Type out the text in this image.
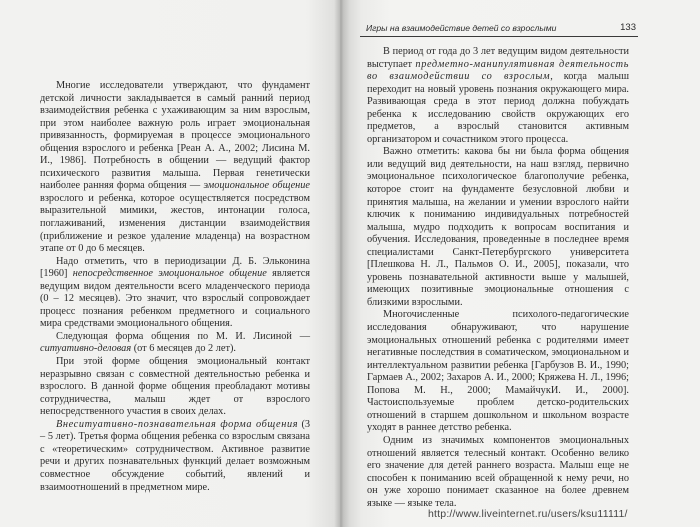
Игры на взаимодействие детей со взрослыми	133

Многие исследователи утверждают, что фундамент детской личности закладывается в самый ранний период взаимодействия ребенка с ухаживающим за ним взрослым, при этом наиболее важную роль играет эмоциональная привязанность, формируемая в процессе эмоционального общения взрослого и ребенка [Реан А. А., 2002; Лисина М. И., 1986]. Потребность в общении — ведущий фактор психического развития малыша. Первая генетически наиболее ранняя форма общения — эмоциональное общение взрослого и ребенка, которое осуществляется посредством выразительной мимики, жестов, интонации голоса, поглаживаний, изменения дистанции взаимодействия (приближение и резкое удаление младенца) на возрастном этапе от 0 до 6 месяцев.

Надо отметить, что в периодизации Д. Б. Эльконина [1960] непосредственное эмоциональное общение является ведущим видом деятельности всего младенческого периода (0 – 12 месяцев). Это значит, что взрослый сопровождает процесс познания ребенком предметного и социального мира средствами эмоционального общения.

Следующая форма общения по М. И. Лисиной — ситуативно-деловая (от 6 месяцев до 2 лет).

При этой форме общения эмоциональный контакт неразрывно связан с совместной деятельностью ребенка и взрослого. В данной форме общения преобладают мотивы сотрудничества, малыш ждет от взрослого непосредственного участия в своих делах.

Внеситуативно-познавательная форма общения (3 – 5 лет). Третья форма общения ребенка со взрослым связана с «теоретическим» сотрудничеством. Активное развитие речи и других познавательных функций делает возможным совместное обсуждение событий, явлений и взаимоотношений в предметном мире.

В период от года до 3 лет ведущим видом деятельности выступает предметно-манипулятивная деятельность во взаимодействии со взрослым, когда малыш переходит на новый уровень познания окружающего мира. Развивающая среда в этот период должна побуждать ребенка к исследованию свойств окружающих его предметов, а взрослый становится активным организатором и сочастником этого процесса.

Важно отметить: какова бы ни была форма общения или ведущий вид деятельности, на наш взгляд, первично эмоциональное психологическое благополучие ребенка, которое стоит на фундаменте безусловной любви и принятия малыша, на желании и умении взрослого найти ключик к пониманию индивидуальных потребностей малыша, мудро подходить к вопросам воспитания и обучения. Исследования, проведенные в последнее время специалистами Санкт-Петербургского университета [Плешкова Н. Л., Пальмов О. И., 2005], показали, что уровень познавательной активности выше у малышей, имеющих позитивные эмоциональные отношения с близкими взрослыми.

Многочисленные психолого-педагогические исследования обнаруживают, что нарушение эмоциональных отношений ребенка с родителями имеет негативные последствия в соматическом, эмоциональном и интеллектуальном развитии ребенка [Гарбузов В. И., 1990; Гармаев А., 2002; Захаров А. И., 2000; Кряжева Н. Л., 1996; Попова М. Н., 2000; МамайчукИ. И., 2000]. Частоиспользуемые проблем детско-родительских отношений в старшем дошкольном и школьном возрасте уходят в раннее детство ребенка.

Одним из значимых компонентов эмоциональных отношений является телесный контакт. Особенно велико его значение для детей раннего возраста. Малыш еще не способен к пониманию всей обращенной к нему речи, но он уже хорошо понимает сказанное на более древнем языке — языке тела.

http://www.liveinternet.ru/users/ksu11111/
